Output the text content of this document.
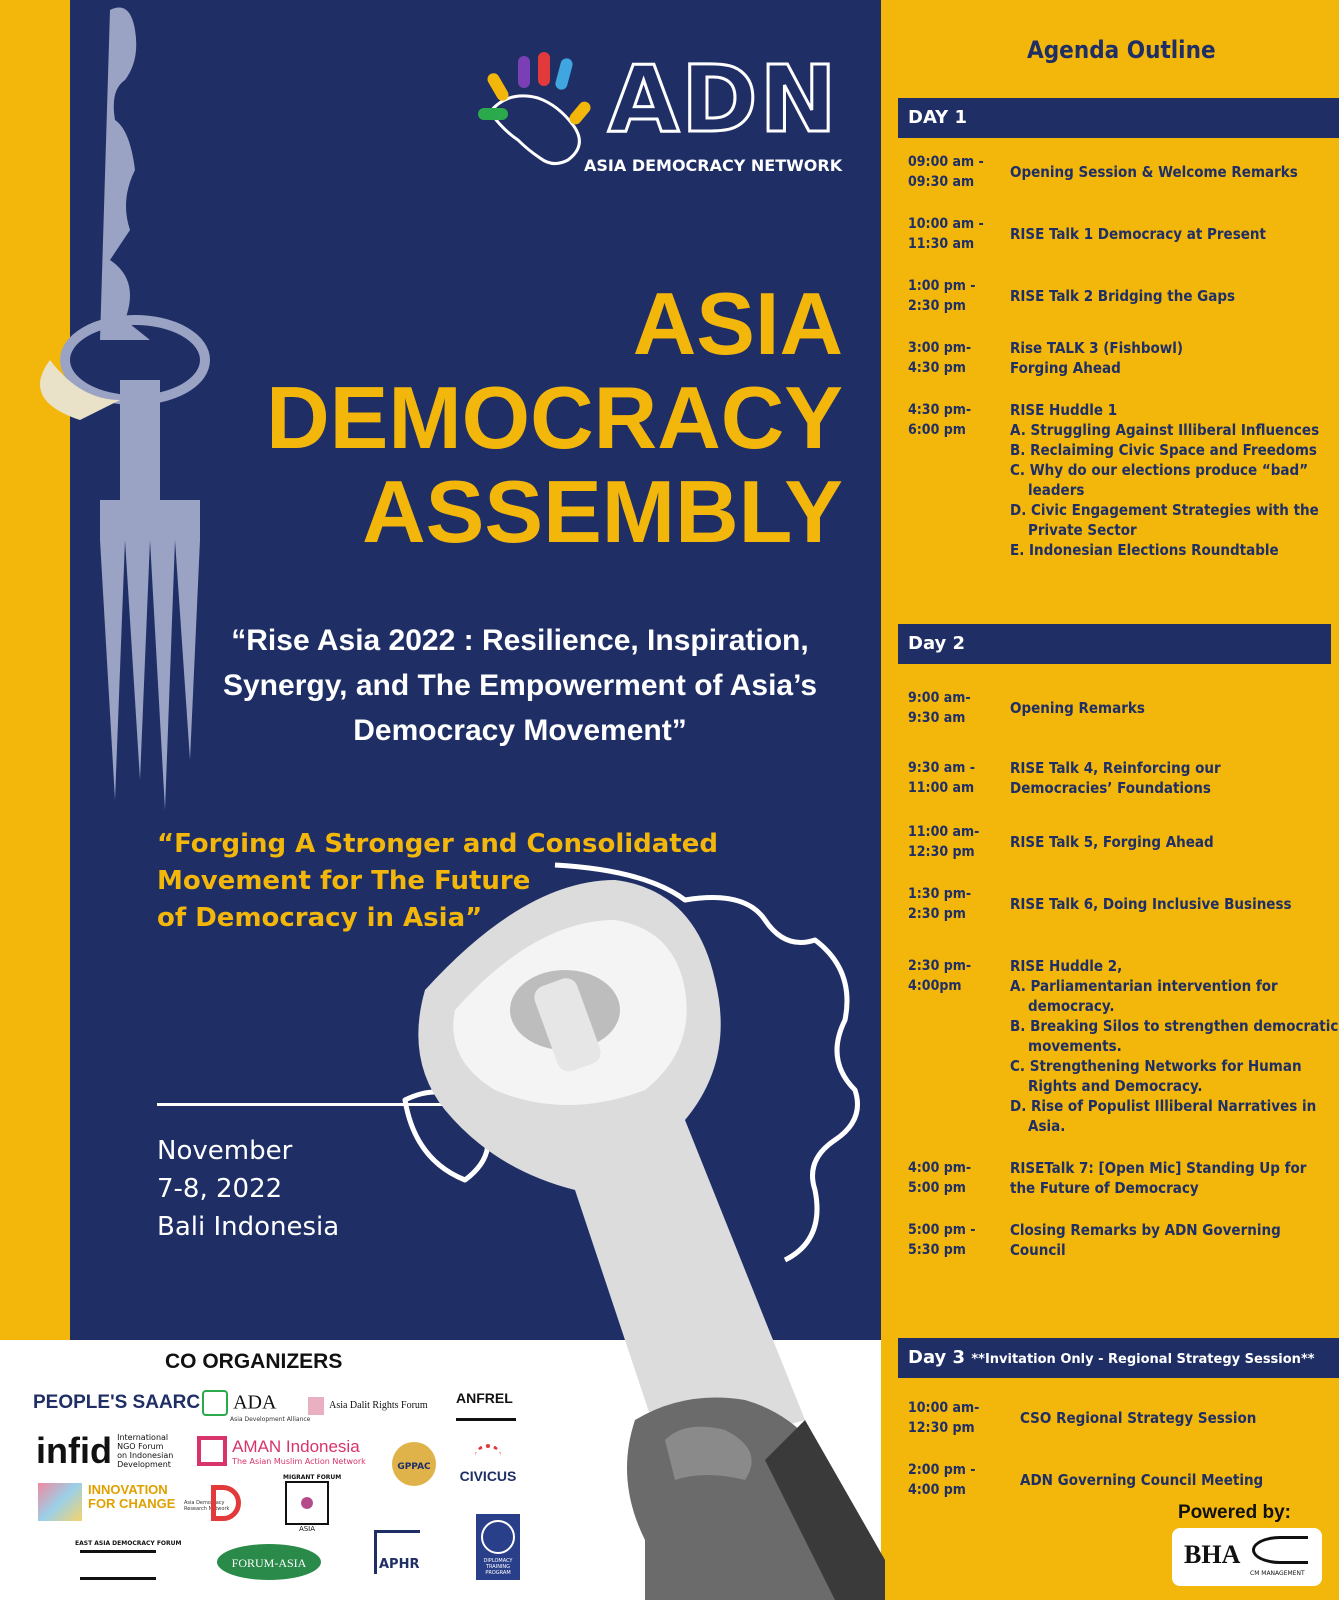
ADN
ASIA DEMOCRACY NETWORK
ASIA
DEMOCRACY
ASSEMBLY
“Rise Asia 2022 : Resilience, Inspiration, Synergy, and The Empowerment of Asia’s Democracy Movement”
“Forging A Stronger and Consolidated
Movement for The Future
of Democracy in Asia”
November
7-8, 2022
Bali Indonesia
Agenda Outline
DAY 1
09:00 am -
09:30 am
Opening Session & Welcome Remarks
10:00 am -
11:30 am
RISE Talk 1 Democracy at Present
1:00 pm -
2:30 pm
RISE Talk 2 Bridging the Gaps
3:00 pm-
4:30 pm
Rise TALK 3 (Fishbowl)
Forging Ahead
4:30 pm-
6:00 pm
RISE Huddle 1
A. Struggling Against Illiberal Influences
B. Reclaiming Civic Space and Freedoms
C. Why do our elections produce “bad” leaders
D. Civic Engagement Strategies with the Private Sector
E. Indonesian Elections Roundtable
Day 2
9:00 am-
9:30 am
Opening Remarks
9:30 am -
11:00 am
RISE Talk 4, Reinforcing our
Democracies’ Foundations
11:00 am-
12:30 pm
RISE Talk 5, Forging Ahead
1:30 pm-
2:30 pm
RISE Talk 6, Doing Inclusive Business
2:30 pm-
4:00pm
RISE Huddle 2,
A. Parliamentarian intervention for democracy.
B. Breaking Silos to strengthen democratic movements.
C. Strengthening Networks for Human Rights and Democracy.
D. Rise of Populist Illiberal Narratives in Asia.
4:00 pm-
5:00 pm
RISETalk 7: [Open Mic] Standing Up for
the Future of Democracy
5:00 pm -
5:30 pm
Closing Remarks by ADN Governing
Council
Day 3 **Invitation Only - Regional Strategy Session**
10:00 am-
12:30 pm
CSO Regional Strategy Session
2:00 pm -
4:00 pm
ADN Governing Council Meeting
CO ORGANIZERS
PEOPLE'S SAARC	ADA
Asia Development Alliance
Asia Dalit Rights Forum ANFREL
infid International
NGO Forum
on Indonesian
Development

AMAN Indonesia
The Asian Muslim Action Network
GPPAC
CIVICUS
INNOVATION
FOR CHANGE Asia Democracy Research Network
MIGRANT FORUM
ASIA
EAST ASIA DEMOCRACY FORUM
FORUM-ASIA	APHR	DIPLOMACY
TRAINING
PROGRAM
Powered by:
BHA
CM MANAGEMENT
